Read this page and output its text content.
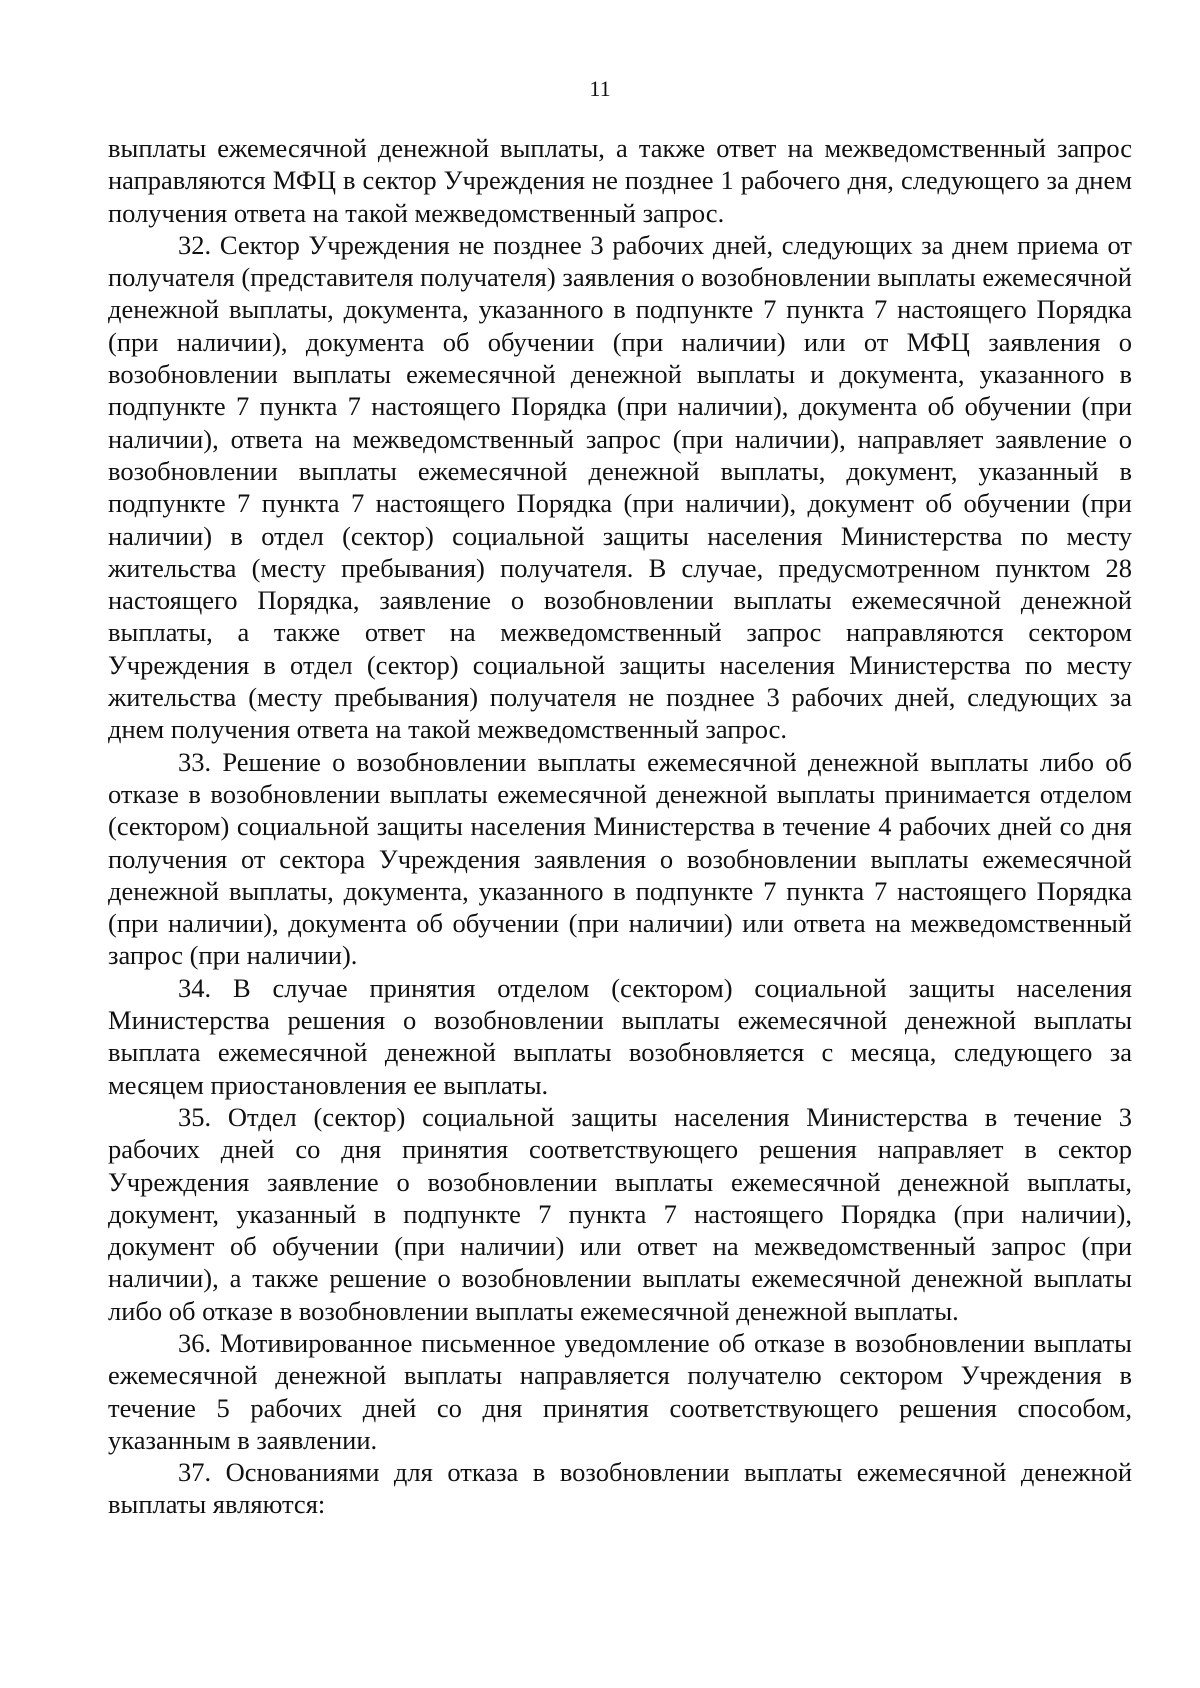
11

выплаты ежемесячной денежной выплаты, а также ответ на межведомственный запрос направляются МФЦ в сектор Учреждения не позднее 1 рабочего дня, следующего за днем получения ответа на такой межведомственный запрос.

32. Сектор Учреждения не позднее 3 рабочих дней, следующих за днем приема от получателя (представителя получателя) заявления о возобновлении выплаты ежемесячной денежной выплаты, документа, указанного в подпункте 7 пункта 7 настоящего Порядка (при наличии), документа об обучении (при наличии) или от МФЦ заявления о возобновлении выплаты ежемесячной денежной выплаты и документа, указанного в подпункте 7 пункта 7 настоящего Порядка (при наличии), документа об обучении (при наличии), ответа на межведомственный запрос (при наличии), направляет заявление о возобновлении выплаты ежемесячной денежной выплаты, документ, указанный в подпункте 7 пункта 7 настоящего Порядка (при наличии), документ об обучении (при наличии) в отдел (сектор) социальной защиты населения Министерства по месту жительства (месту пребывания) получателя. В случае, предусмотренном пунктом 28 настоящего Порядка, заявление о возобновлении выплаты ежемесячной денежной выплаты, а также ответ на межведомственный запрос направляются сектором Учреждения в отдел (сектор) социальной защиты населения Министерства по месту жительства (месту пребывания) получателя не позднее 3 рабочих дней, следующих за днем получения ответа на такой межведомственный запрос.

33. Решение о возобновлении выплаты ежемесячной денежной выплаты либо об отказе в возобновлении выплаты ежемесячной денежной выплаты принимается отделом (сектором) социальной защиты населения Министерства в течение 4 рабочих дней со дня получения от сектора Учреждения заявления о возобновлении выплаты ежемесячной денежной выплаты, документа, указанного в подпункте 7 пункта 7 настоящего Порядка (при наличии), документа об обучении (при наличии) или ответа на межведомственный запрос (при наличии).

34. В случае принятия отделом (сектором) социальной защиты населения Министерства решения о возобновлении выплаты ежемесячной денежной выплаты выплата ежемесячной денежной выплаты возобновляется с месяца, следующего за месяцем приостановления ее выплаты.

35. Отдел (сектор) социальной защиты населения Министерства в течение 3 рабочих дней со дня принятия соответствующего решения направляет в сектор Учреждения заявление о возобновлении выплаты ежемесячной денежной выплаты, документ, указанный в подпункте 7 пункта 7 настоящего Порядка (при наличии), документ об обучении (при наличии) или ответ на межведомственный запрос (при наличии), а также решение о возобновлении выплаты ежемесячной денежной выплаты либо об отказе в возобновлении выплаты ежемесячной денежной выплаты.

36. Мотивированное письменное уведомление об отказе в возобновлении выплаты ежемесячной денежной выплаты направляется получателю сектором Учреждения в течение 5 рабочих дней со дня принятия соответствующего решения способом, указанным в заявлении.

37. Основаниями для отказа в возобновлении выплаты ежемесячной денежной выплаты являются:
